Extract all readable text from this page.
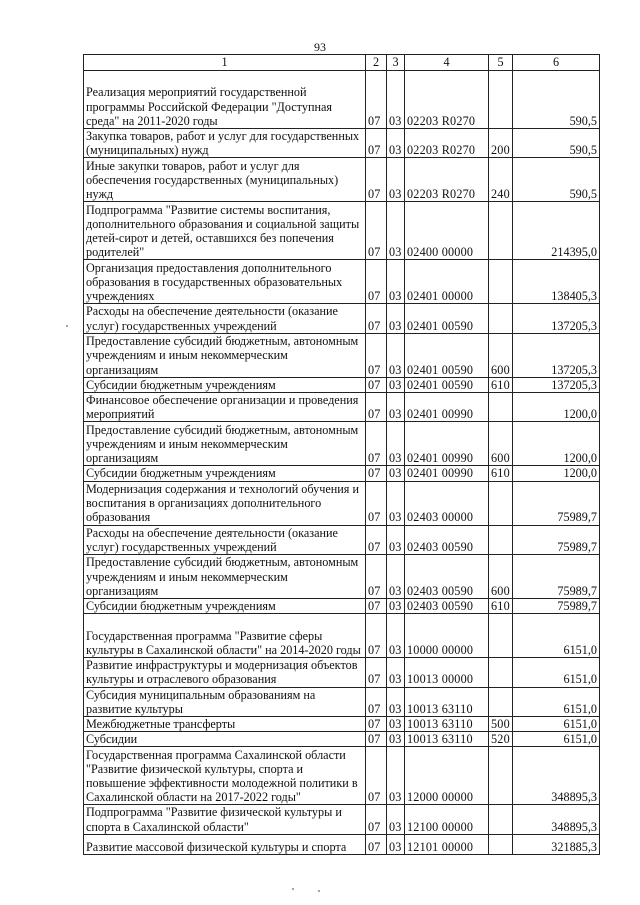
93
1	2	3	4	5	6
Реализация мероприятий государственной программы Российской Федерации "Доступная среда" на 2011-2020 годы	07	03	02203 R0270		590,5
Закупка товаров, работ и услуг для государственных (муниципальных) нужд	07	03	02203 R0270	200	590,5
Иные закупки товаров, работ и услуг для обеспечения государственных (муниципальных) нужд	07	03	02203 R0270	240	590,5
Подпрограмма "Развитие системы воспитания, дополнительного образования и социальной защиты детей-сирот и детей, оставшихся без попечения родителей"	07	03	02400 00000		214395,0
Организация предоставления дополнительного образования в государственных образовательных учреждениях	07	03	02401 00000		138405,3
Расходы на обеспечение деятельности (оказание услуг) государственных учреждений	07	03	02401 00590		137205,3
Предоставление субсидий бюджетным, автономным учреждениям и иным некоммерческим организациям	07	03	02401 00590	600	137205,3
Субсидии бюджетным учреждениям	07	03	02401 00590	610	137205,3
Финансовое обеспечение организации и проведения мероприятий	07	03	02401 00990		1200,0
Предоставление субсидий бюджетным, автономным учреждениям и иным некоммерческим организациям	07	03	02401 00990	600	1200,0
Субсидии бюджетным учреждениям	07	03	02401 00990	610	1200,0
Модернизация содержания и технологий обучения и воспитания в организациях дополнительного образования	07	03	02403 00000		75989,7
Расходы на обеспечение деятельности (оказание услуг) государственных учреждений	07	03	02403 00590		75989,7
Предоставление субсидий бюджетным, автономным учреждениям и иным некоммерческим организациям	07	03	02403 00590	600	75989,7
Субсидии бюджетным учреждениям	07	03	02403 00590	610	75989,7
Государственная программа "Развитие сферы культуры в Сахалинской области" на 2014-2020 годы	07	03	10000 00000		6151,0
Развитие инфраструктуры и модернизация объектов культуры и отраслевого образования	07	03	10013 00000		6151,0
Субсидия муниципальным образованиям на развитие культуры	07	03	10013 63110		6151,0
Межбюджетные трансферты	07	03	10013 63110	500	6151,0
Субсидии	07	03	10013 63110	520	6151,0
Государственная программа Сахалинской области "Развитие физической культуры, спорта и повышение эффективности молодежной политики в Сахалинской области на 2017-2022 годы"	07	03	12000 00000		348895,3
Подпрограмма "Развитие физической культуры и спорта в Сахалинской области"	07	03	12100 00000		348895,3
Развитие массовой физической культуры и спорта	07	03	12101 00000		321885,3
